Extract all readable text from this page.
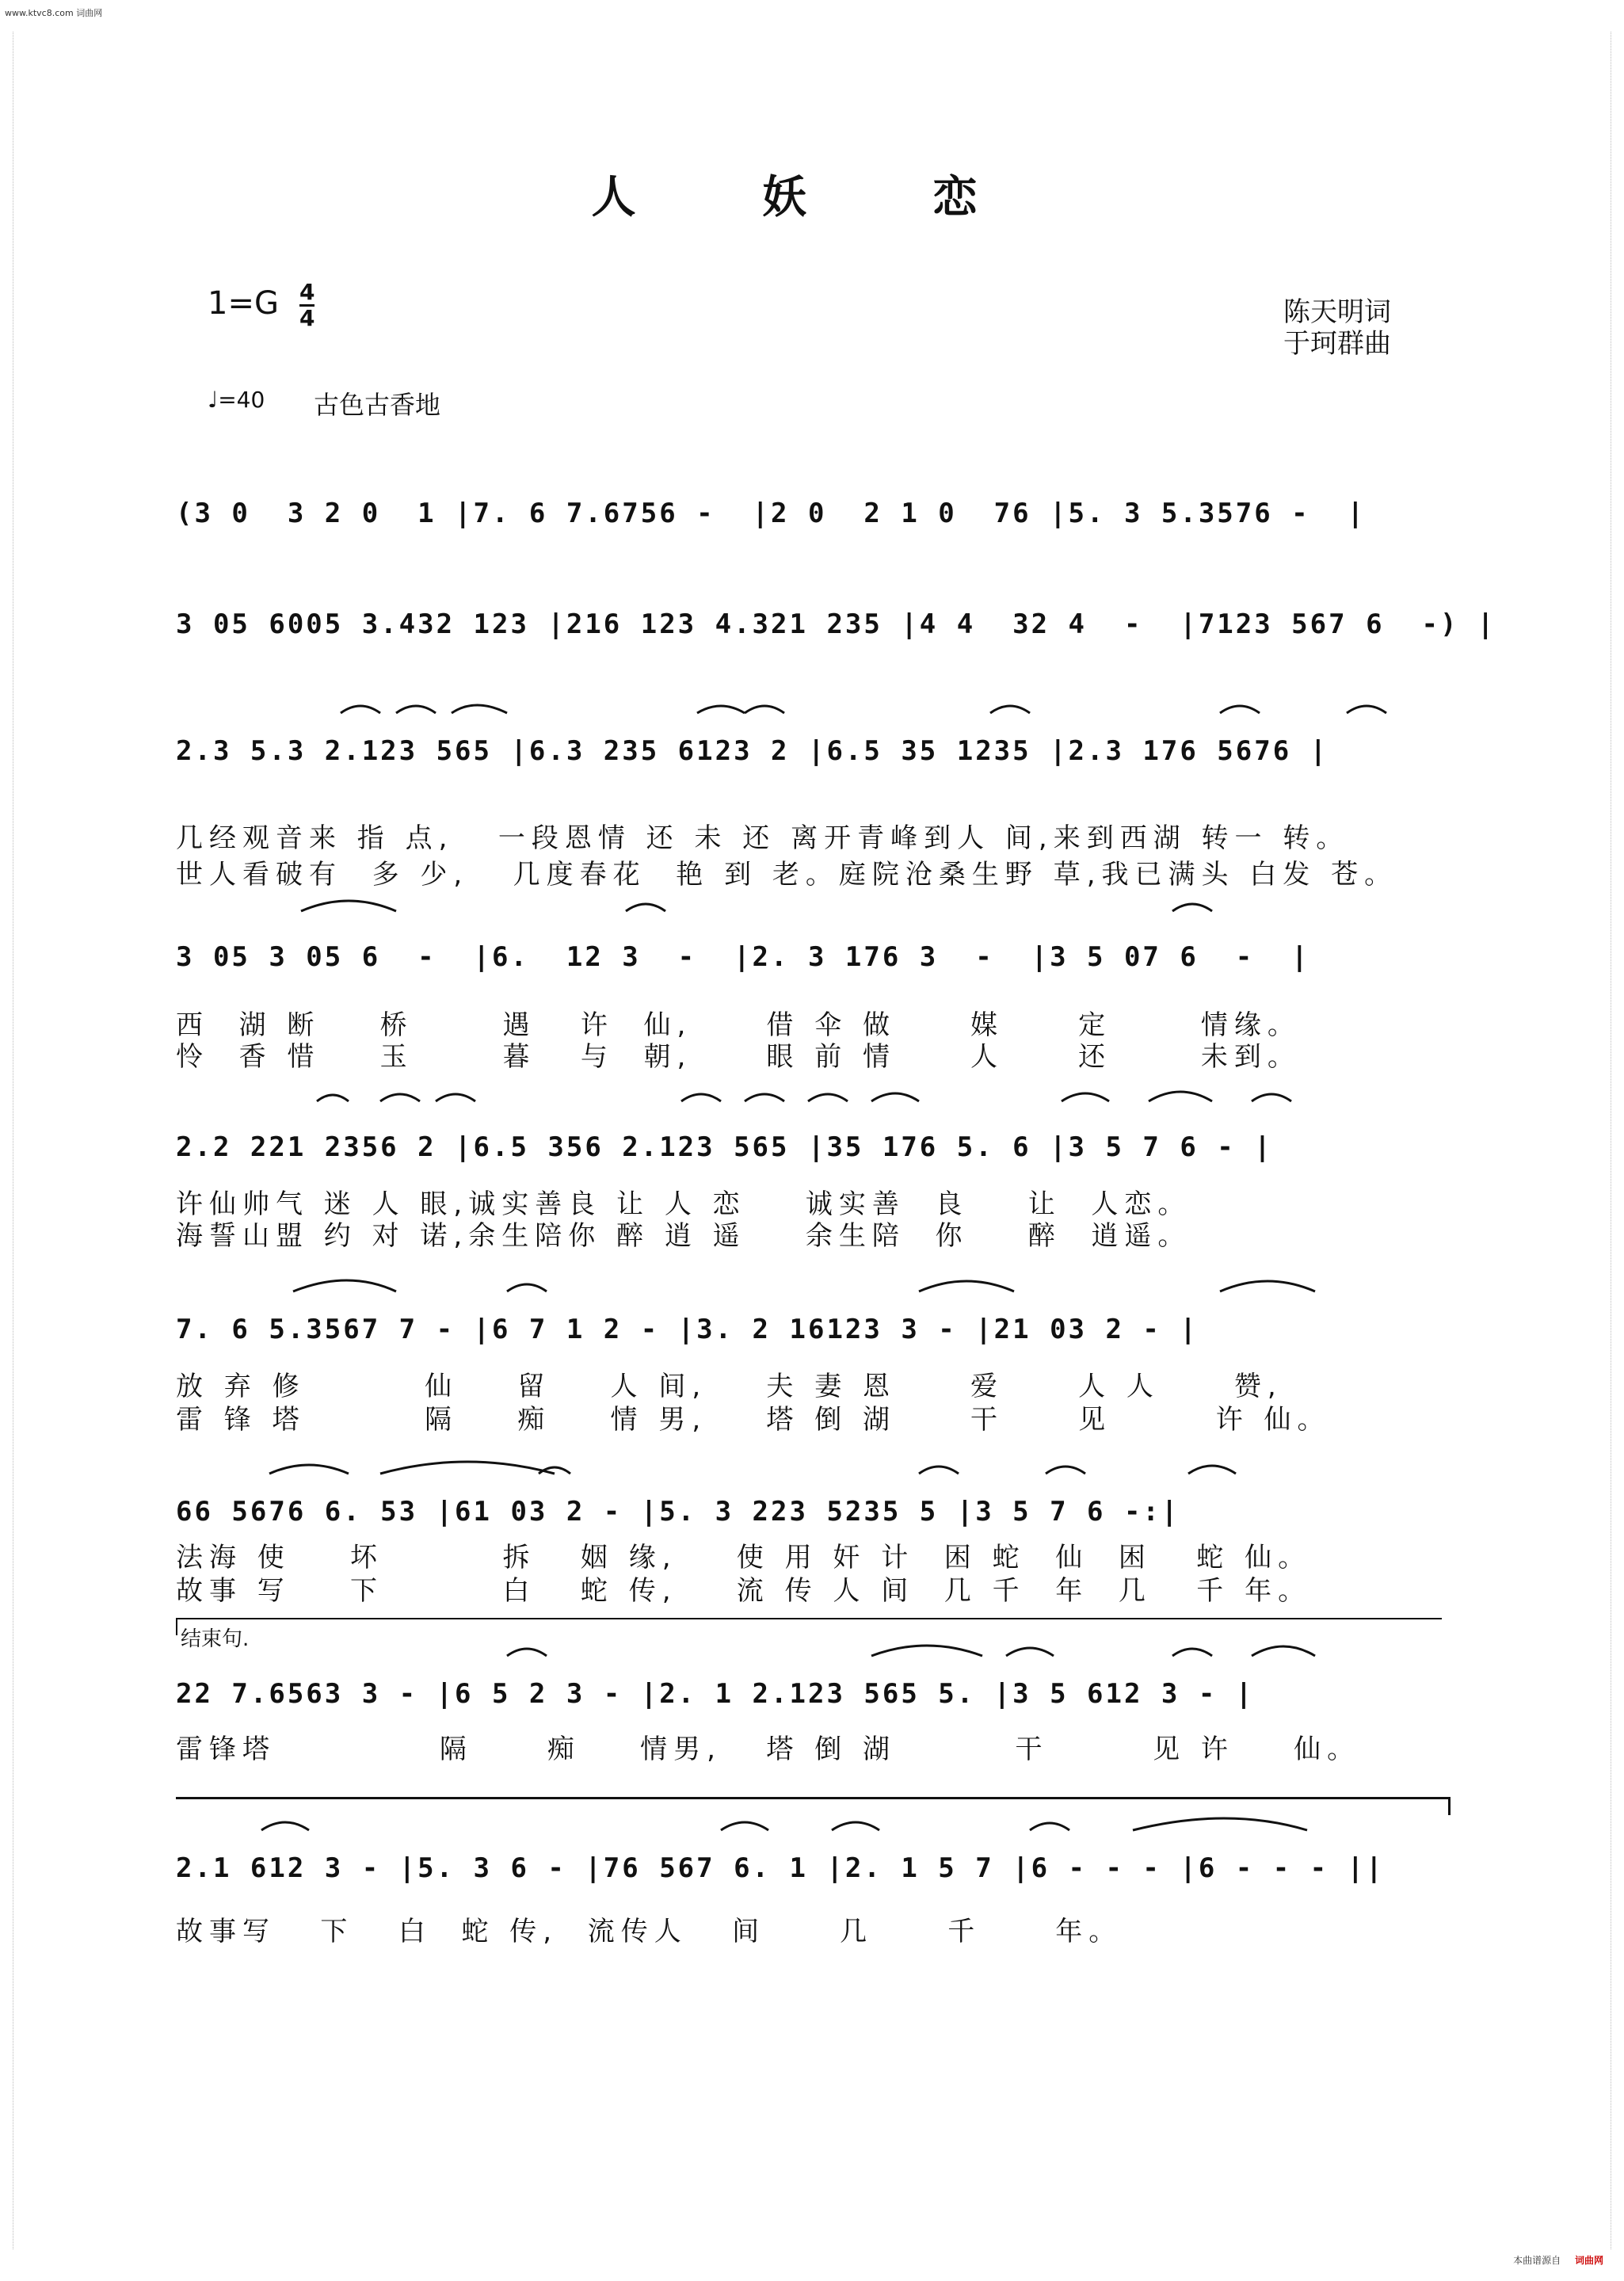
www.ktvc8.com 词曲网
人 妖 恋
1=G 4
4	陈天明词
于珂群曲
♩=40 古色古香地
(3 0  3 2 0  1 |7. 6 7.6756 -  |2 0  2 1 0  76 |5. 3 5.3576 -  |
3 05 6005 3.432 123 |216 123 4.321 235 |4 4  32 4  -  |7123 567 6  -) |
2.3 5.3 2.123 565 |6.3 235 6123 2 |6.5 35 1235 |2.3 176 5676 |
几经观音来 指 点,   一段恩情 还 未 还 离开青峰到人 间,来到西湖 转一 转。
世人看破有  多 少,   几度春花  艳 到 老。庭院沧桑生野 草,我已满头 白发 苍。
3 05 3 05 6  -  |6.  12 3  -  |2. 3 176 3  -  |3 5 07 6  -  |
西  湖 断    桥      遇   许  仙,     借 伞 做     媒     定      情缘。
怜  香 惜    玉      暮   与  朝,     眼 前 情     人     还      未到。
2.2 221 2356 2 |6.5 356 2.123 565 |35 176 5. 6 |3 5 7 6 - |
许仙帅气 迷 人 眼,诚实善良 让 人 恋    诚实善  良    让  人恋。
海誓山盟 约 对 诺,余生陪你 醉 逍 遥    余生陪  你    醉  逍遥。
7. 6 5.3567 7 - |6 7 1 2 - |3. 2 16123 3 - |21 03 2 - |
放 弃 修        仙    留    人 间,    夫 妻 恩     爱     人 人     赞,
雷 锋 塔        隔    痴    情 男,    塔 倒 湖     干     见       许 仙。
66 5676 6. 53 |61 03 2 - |5. 3 223 5235 5 |3 5 7 6 -:|
法海 使    坏        拆   姻 缘,    使 用 奸 计  困 蛇  仙  困   蛇 仙。
故事 写    下        白   蛇 传,    流 传 人 间  几 千  年  几   千 年。
结束句.
22 7.6563 3 - |6 5 2 3 - |2. 1 2.123 565 5. |3 5 612 3 - |
雷锋塔           隔     痴    情男,   塔 倒 湖        干       见 许    仙。
2.1 612 3 - |5. 3 6 - |76 567 6. 1 |2. 1 5 7 |6 - - - |6 - - - ||
故事写   下   白  蛇 传,  流传人   间     几     千     年。
本曲谱源自 词曲网
